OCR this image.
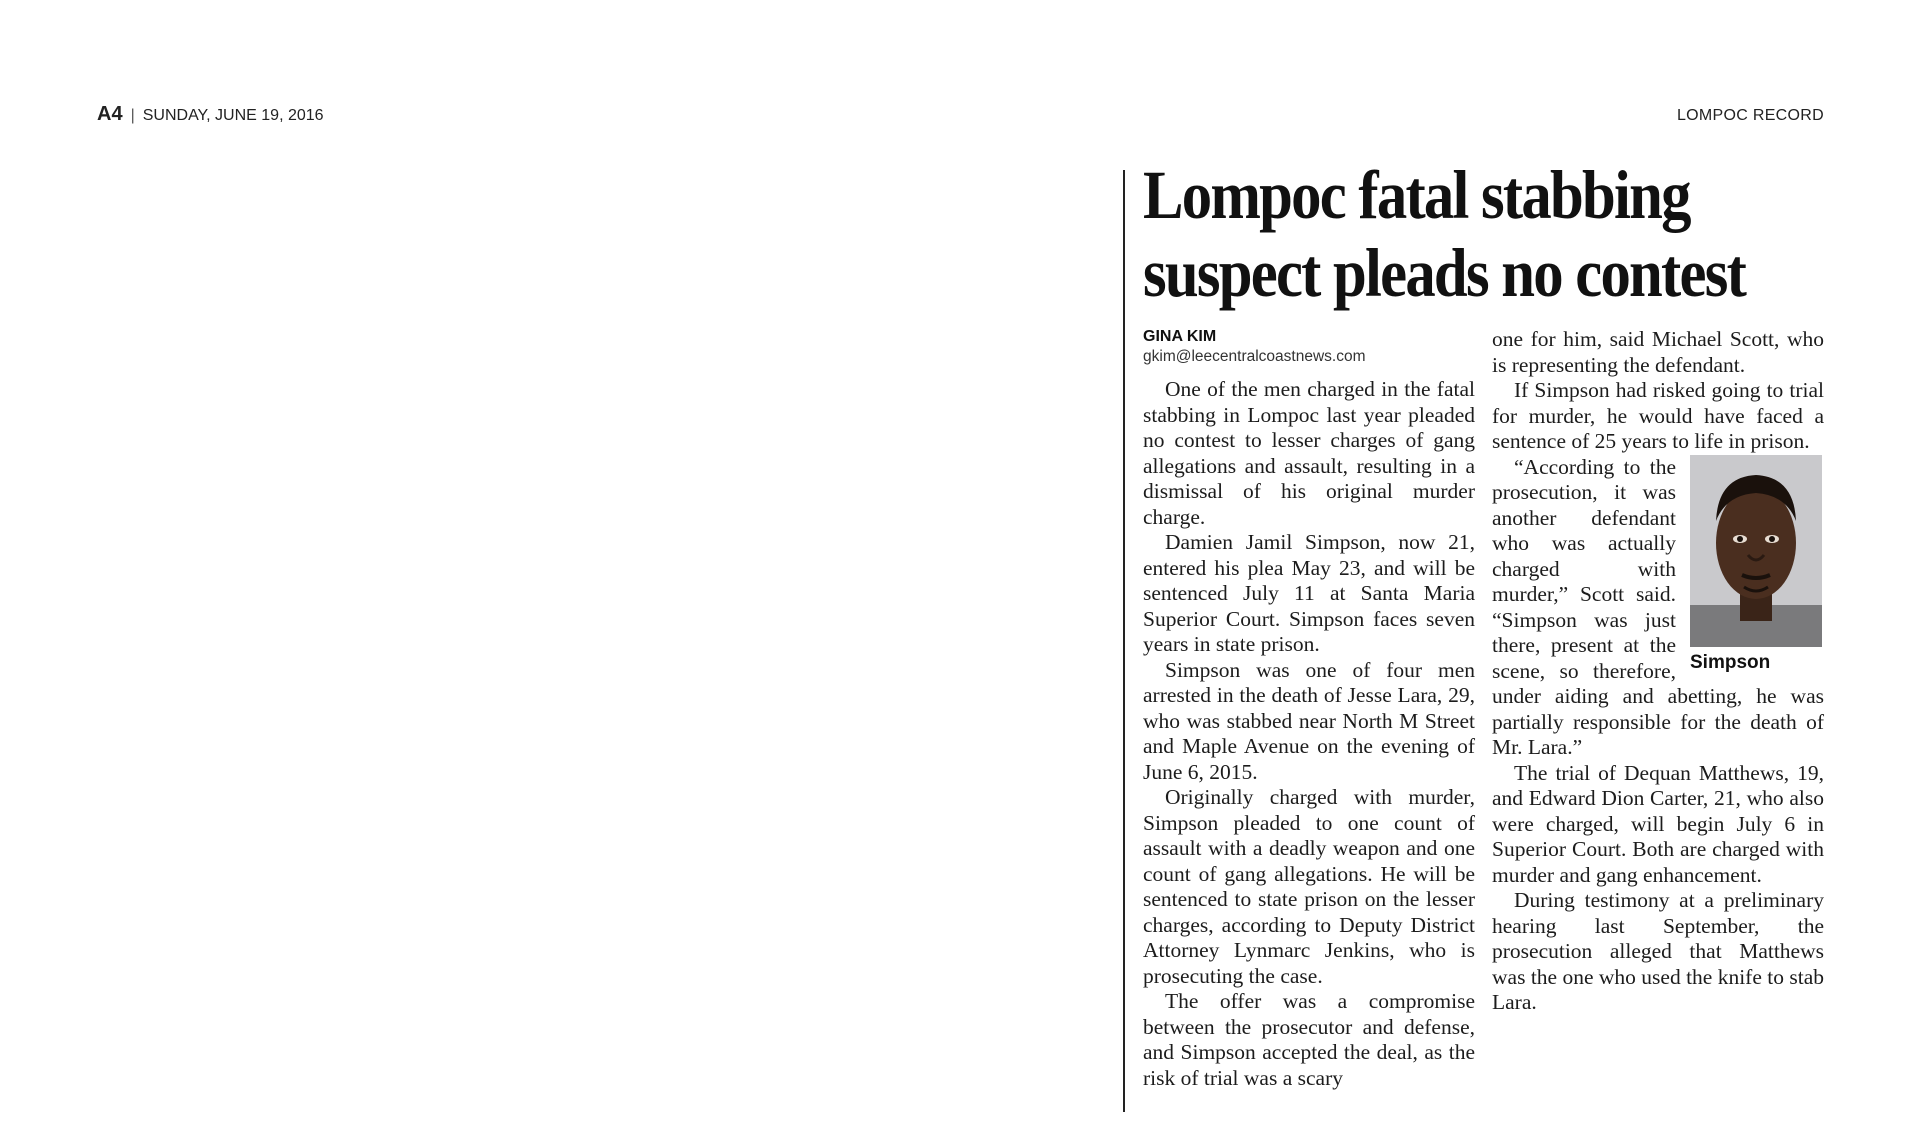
A4 | SUNDAY, JUNE 19, 2016	LOMPOC RECORD
Lompoc fatal stabbing suspect pleads no contest
GINA KIM
gkim@leecentralcoastnews.com

One of the men charged in the fatal stabbing in Lompoc last year pleaded no contest to lesser charges of gang allegations and assault, resulting in a dismissal of his original murder charge.

Damien Jamil Simpson, now 21, entered his plea May 23, and will be sentenced July 11 at Santa Maria Superior Court. Simpson faces seven years in state prison.

Simpson was one of four men arrested in the death of Jesse Lara, 29, who was stabbed near North M Street and Maple Avenue on the evening of June 6, 2015.

Originally charged with murder, Simpson pleaded to one count of assault with a deadly weapon and one count of gang allegations. He will be sentenced to state prison on the lesser charges, according to Deputy District Attorney Lynmarc Jenkins, who is prosecuting the case.

The offer was a compromise between the prosecutor and defense, and Simpson accepted the deal, as the risk of trial was a scary

one for him, said Michael Scott, who is representing the defendant.

If Simpson had risked going to trial for murder, he would have faced a sentence of 25 years to life in prison.

Simpson

“According to the prosecution, it was another defendant who was actually charged with murder,” Scott said. “Simpson was just there, present at the scene, so therefore, under aiding and abetting, he was partially responsible for the death of Mr. Lara.”

The trial of Dequan Matthews, 19, and Edward Dion Carter, 21, who also were charged, will begin July 6 in Superior Court. Both are charged with murder and gang enhancement.

During testimony at a preliminary hearing last September, the prosecution alleged that Matthews was the one who used the knife to stab Lara.
